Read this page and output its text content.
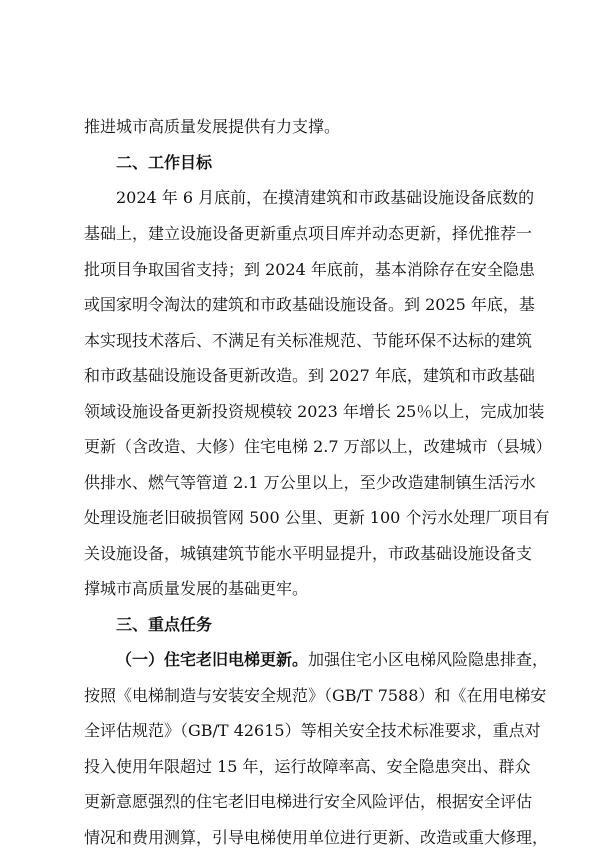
推进城市高质量发展提供有力支撑。
二、工作目标
2024 年 6 月底前，在摸清建筑和市政基础设施设备底数的
基础上，建立设施设备更新重点项目库并动态更新，择优推荐一
批项目争取国省支持；到 2024 年底前，基本消除存在安全隐患
或国家明令淘汰的建筑和市政基础设施设备。到 2025 年底，基
本实现技术落后、不满足有关标准规范、节能环保不达标的建筑
和市政基础设施设备更新改造。到 2027 年底，建筑和市政基础
领域设施设备更新投资规模较 2023 年增长 25％以上，完成加装
更新（含改造、大修）住宅电梯 2.7 万部以上，改建城市（县城）
供排水、燃气等管道 2.1 万公里以上，至少改造建制镇生活污水
处理设施老旧破损管网 500 公里、更新 100 个污水处理厂项目有
关设施设备，城镇建筑节能水平明显提升，市政基础设施设备支
撑城市高质量发展的基础更牢。
三、重点任务
（一）住宅老旧电梯更新。加强住宅小区电梯风险隐患排查，
按照《电梯制造与安装安全规范》（GB/T 7588）和《在用电梯安
全评估规范》（GB/T 42615）等相关安全技术标准要求，重点对
投入使用年限超过 15 年，运行故障率高、安全隐患突出、群众
更新意愿强烈的住宅老旧电梯进行安全风险评估，根据安全评估
情况和费用测算，引导电梯使用单位进行更新、改造或重大修理，
